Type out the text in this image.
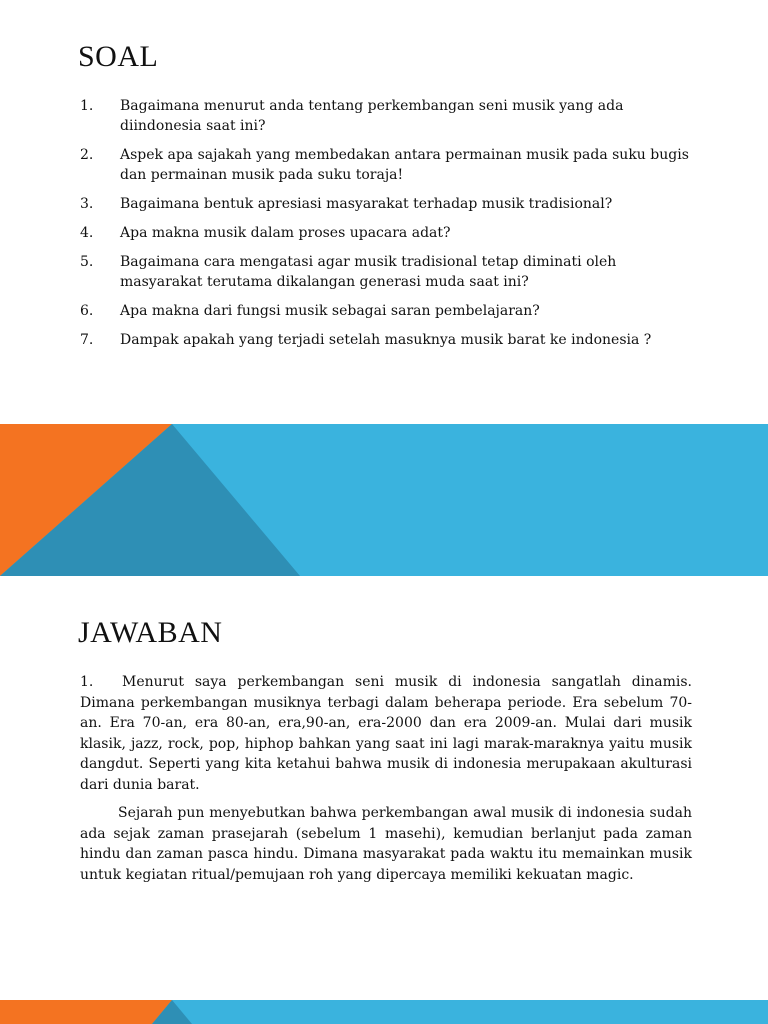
SOAL
1.	Bagaimana menurut anda tentang perkembangan seni musik yang ada diindonesia saat ini?
2.	Aspek apa sajakah yang membedakan antara permainan musik pada suku bugis dan permainan musik pada suku toraja!
3.	Bagaimana bentuk apresiasi masyarakat terhadap musik tradisional?
4.	Apa makna musik dalam proses upacara adat?
5.	Bagaimana cara mengatasi agar musik tradisional tetap diminati oleh masyarakat terutama dikalangan generasi muda saat ini?
6.	Apa makna dari fungsi musik sebagai saran pembelajaran?
7.	Dampak apakah yang terjadi setelah masuknya musik barat ke indonesia ?
JAWABAN

1. Menurut saya perkembangan seni musik di indonesia sangatlah dinamis. Dimana perkembangan musiknya terbagi dalam beherapa periode. Era sebelum 70-an. Era 70-an, era 80-an, era,90-an, era-2000 dan era 2009-an. Mulai dari musik klasik, jazz, rock, pop, hiphop bahkan yang saat ini lagi marak-maraknya yaitu musik dangdut. Seperti yang kita ketahui bahwa musik di indonesia merupakaan akulturasi dari dunia barat.

Sejarah pun menyebutkan bahwa perkembangan awal musik di indonesia sudah ada sejak zaman prasejarah (sebelum 1 masehi), kemudian berlanjut pada zaman hindu dan zaman pasca hindu. Dimana masyarakat pada waktu itu memainkan musik untuk kegiatan ritual/pemujaan roh yang dipercaya memiliki kekuatan magic.
